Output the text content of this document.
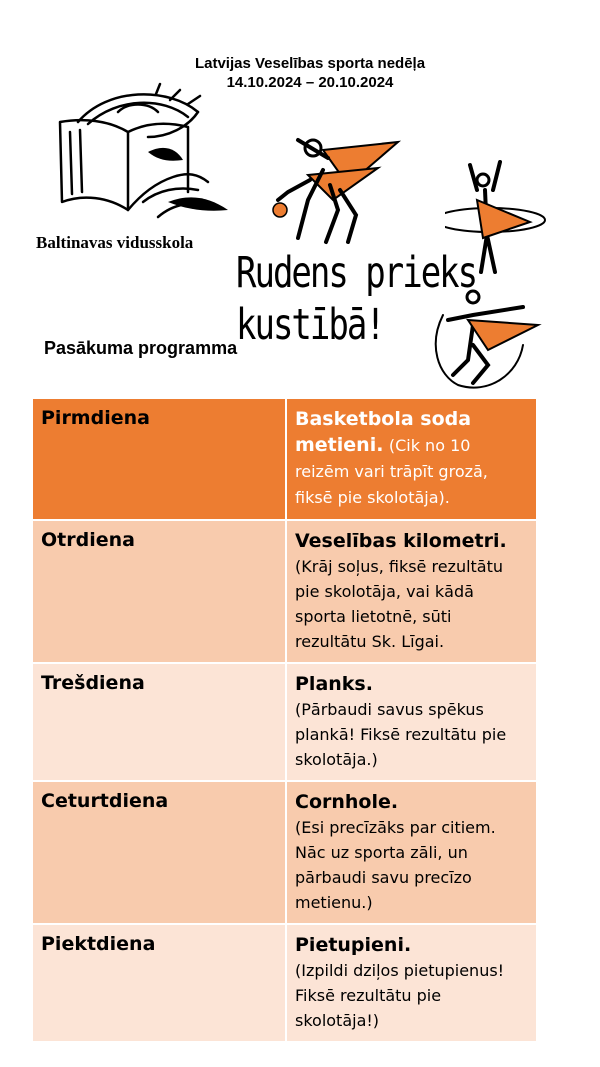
Latvijas Veselības sporta nedēļa
14.10.2024 – 20.10.2024
Baltinavas vidusskola
Rudens prieks
kustībā!
Pasākuma programma
Pirmdiena	Basketbola soda metieni. (Cik no 10 reizēm vari trāpīt grozā, fiksē pie skolotāja).
Otrdiena	Veselības kilometri.
(Krāj soļus, fiksē rezultātu pie skolotāja, vai kādā sporta lietotnē, sūti rezultātu Sk. Līgai.

Trešdiena	Planks.
(Pārbaudi savus spēkus plankā! Fiksē rezultātu pie skolotāja.)

Ceturtdiena	Cornhole.
(Esi precīzāks par citiem. Nāc uz sporta zāli, un pārbaudi savu precīzo metienu.)

Piektdiena	Pietupieni.
(Izpildi dziļos pietupienus! Fiksē rezultātu pie skolotāja!)
